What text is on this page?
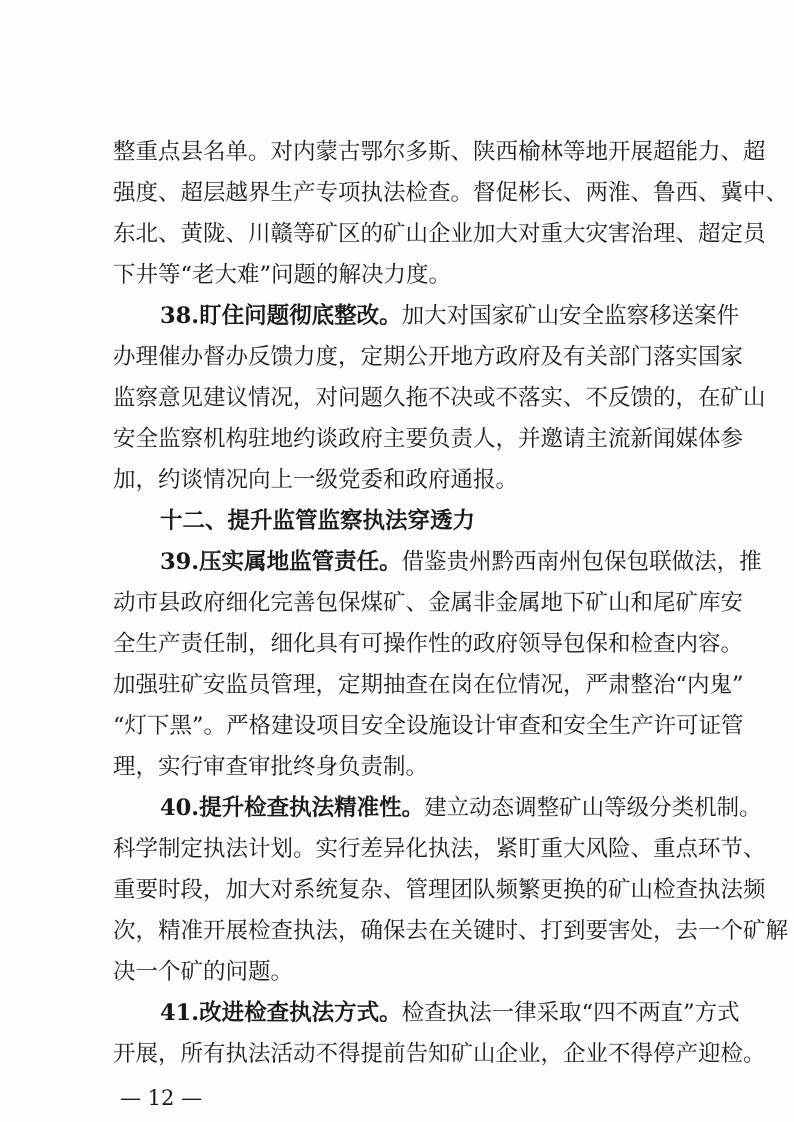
整重点县名单。对内蒙古鄂尔多斯、陕西榆林等地开展超能力、超
强度、超层越界生产专项执法检查。督促彬长、两淮、鲁西、冀中、
东北、黄陇、川赣等矿区的矿山企业加大对重大灾害治理、超定员
下井等“老大难”问题的解决力度。
38.盯住问题彻底整改。加大对国家矿山安全监察移送案件
办理催办督办反馈力度，定期公开地方政府及有关部门落实国家
监察意见建议情况，对问题久拖不决或不落实、不反馈的，在矿山
安全监察机构驻地约谈政府主要负责人，并邀请主流新闻媒体参
加，约谈情况向上一级党委和政府通报。
十二、提升监管监察执法穿透力
39.压实属地监管责任。借鉴贵州黔西南州包保包联做法，推
动市县政府细化完善包保煤矿、金属非金属地下矿山和尾矿库安
全生产责任制，细化具有可操作性的政府领导包保和检查内容。
加强驻矿安监员管理，定期抽查在岗在位情况，严肃整治“内鬼”
“灯下黑”。严格建设项目安全设施设计审查和安全生产许可证管
理，实行审查审批终身负责制。
40.提升检查执法精准性。建立动态调整矿山等级分类机制。
科学制定执法计划。实行差异化执法，紧盯重大风险、重点环节、
重要时段，加大对系统复杂、管理团队频繁更换的矿山检查执法频
次，精准开展检查执法，确保去在关键时、打到要害处，去一个矿解
决一个矿的问题。
41.改进检查执法方式。检查执法一律采取“四不两直”方式
开展，所有执法活动不得提前告知矿山企业，企业不得停产迎检。
— 12 —
